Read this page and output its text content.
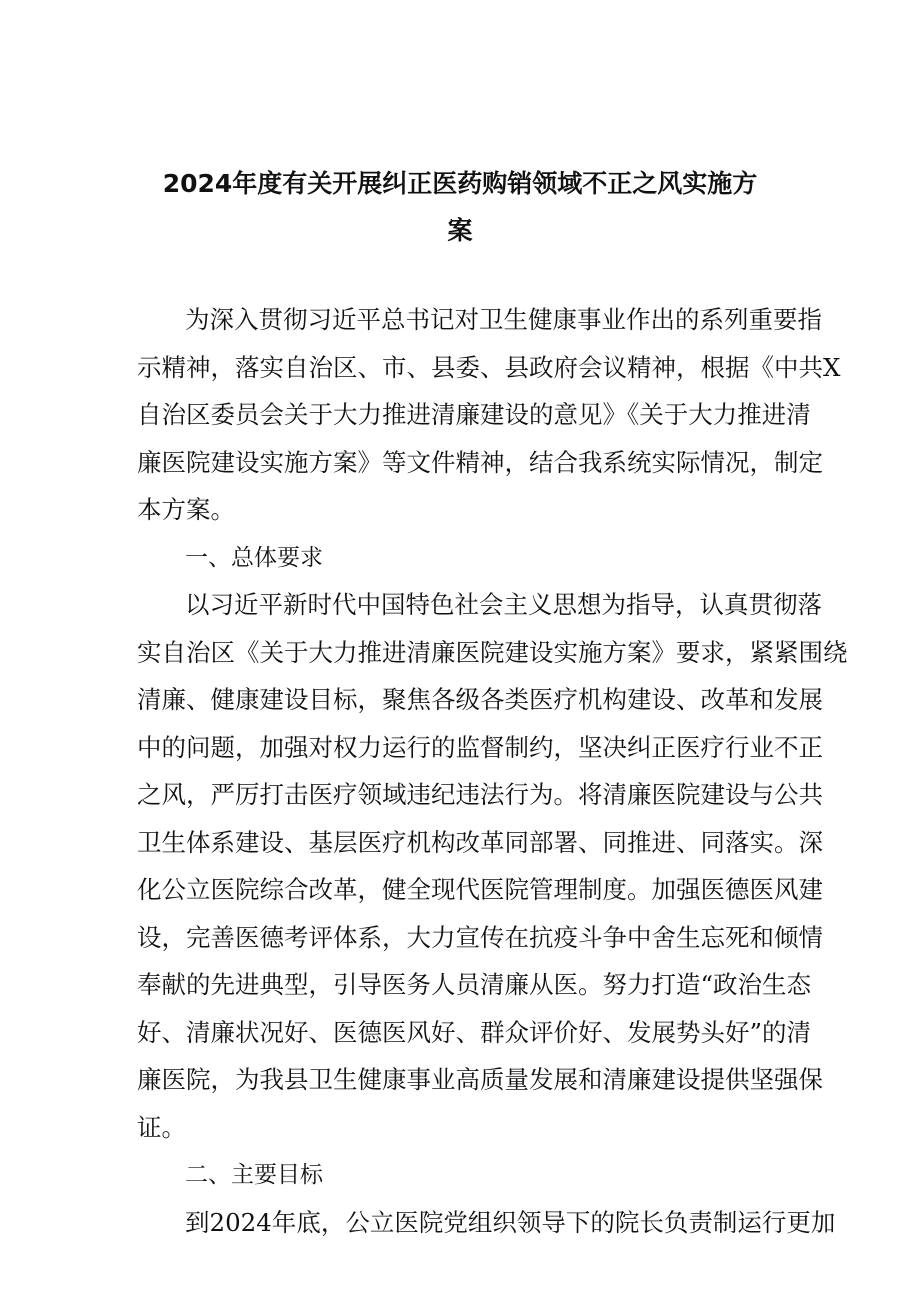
2024年度有关开展纠正医药购销领域不正之风实施方
案
为深入贯彻习近平总书记对卫生健康事业作出的系列重要指
示精神，落实自治区、市、县委、县政府会议精神，根据《中共X
自治区委员会关于大力推进清廉建设的意见》《关于大力推进清
廉医院建设实施方案》等文件精神，结合我系统实际情况，制定
本方案。
一、总体要求
以习近平新时代中国特色社会主义思想为指导，认真贯彻落
实自治区《关于大力推进清廉医院建设实施方案》要求，紧紧围绕
清廉、健康建设目标，聚焦各级各类医疗机构建设、改革和发展
中的问题，加强对权力运行的监督制约，坚决纠正医疗行业不正
之风，严厉打击医疗领域违纪违法行为。将清廉医院建设与公共
卫生体系建设、基层医疗机构改革同部署、同推进、同落实。深
化公立医院综合改革，健全现代医院管理制度。加强医德医风建
设，完善医德考评体系，大力宣传在抗疫斗争中舍生忘死和倾情
奉献的先进典型，引导医务人员清廉从医。努力打造“政治生态
好、清廉状况好、医德医风好、群众评价好、发展势头好”的清
廉医院，为我县卫生健康事业高质量发展和清廉建设提供坚强保
证。
二、主要目标
到2024年底，公立医院党组织领导下的院长负责制运行更加
